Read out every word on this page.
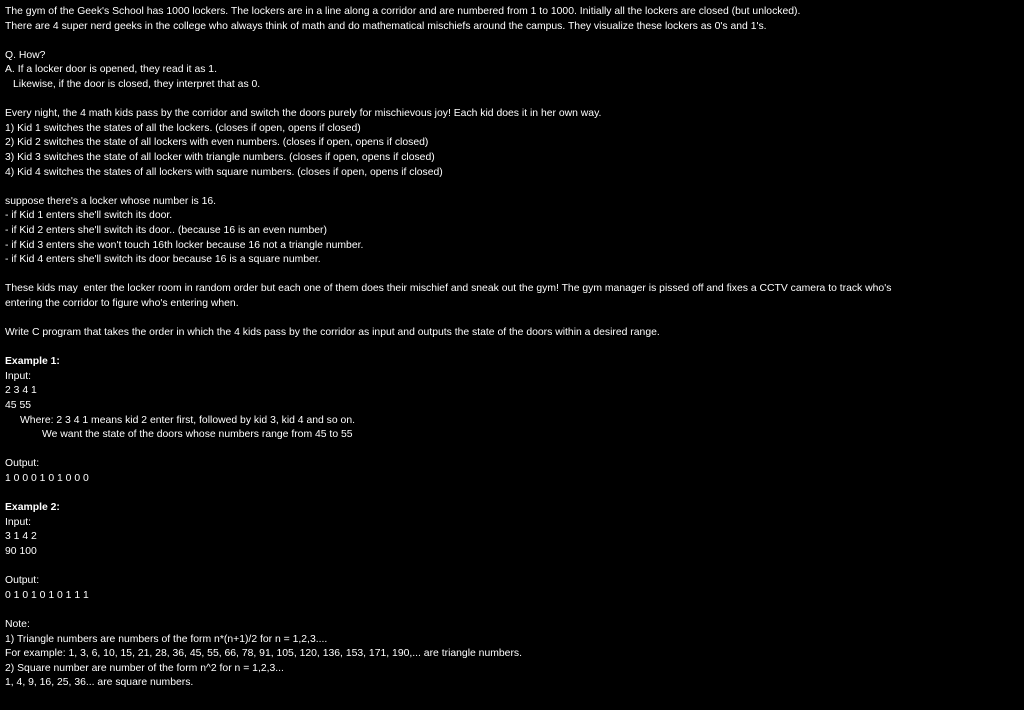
The gym of the Geek's School has 1000 lockers. The lockers are in a line along a corridor and are numbered from 1 to 1000. Initially all the lockers are closed (but unlocked).
There are 4 super nerd geeks in the college who always think of math and do mathematical mischiefs around the campus. They visualize these lockers as 0's and 1's.
Q. How?
A. If a locker door is opened, they read it as 1.
Likewise, if the door is closed, they interpret that as 0.
Every night, the 4 math kids pass by the corridor and switch the doors purely for mischievous joy! Each kid does it in her own way.
1) Kid 1 switches the states of all the lockers. (closes if open, opens if closed)
2) Kid 2 switches the state of all lockers with even numbers. (closes if open, opens if closed)
3) Kid 3 switches the state of all locker with triangle numbers. (closes if open, opens if closed)
4) Kid 4 switches the states of all lockers with square numbers. (closes if open, opens if closed)
suppose there's a locker whose number is 16.
- if Kid 1 enters she'll switch its door.
- if Kid 2 enters she'll switch its door.. (because 16 is an even number)
- if Kid 3 enters she won't touch 16th locker because 16 not a triangle number.
- if Kid 4 enters she'll switch its door because 16 is a square number.
These kids may  enter the locker room in random order but each one of them does their mischief and sneak out the gym! The gym manager is pissed off and fixes a CCTV camera to track who's
entering the corridor to figure who's entering when.
Write C program that takes the order in which the 4 kids pass by the corridor as input and outputs the state of the doors within a desired range.
Example 1:
Input:
2 3 4 1
45 55
Where: 2 3 4 1 means kid 2 enter first, followed by kid 3, kid 4 and so on.
We want the state of the doors whose numbers range from 45 to 55
Output:
1 0 0 0 1 0 1 0 0 0
Example 2:
Input:
3 1 4 2
90 100
Output:
0 1 0 1 0 1 0 1 1 1
Note:
1) Triangle numbers are numbers of the form n*(n+1)/2 for n = 1,2,3....
For example: 1, 3, 6, 10, 15, 21, 28, 36, 45, 55, 66, 78, 91, 105, 120, 136, 153, 171, 190,... are triangle numbers.
2) Square number are number of the form n^2 for n = 1,2,3...
1, 4, 9, 16, 25, 36... are square numbers.
